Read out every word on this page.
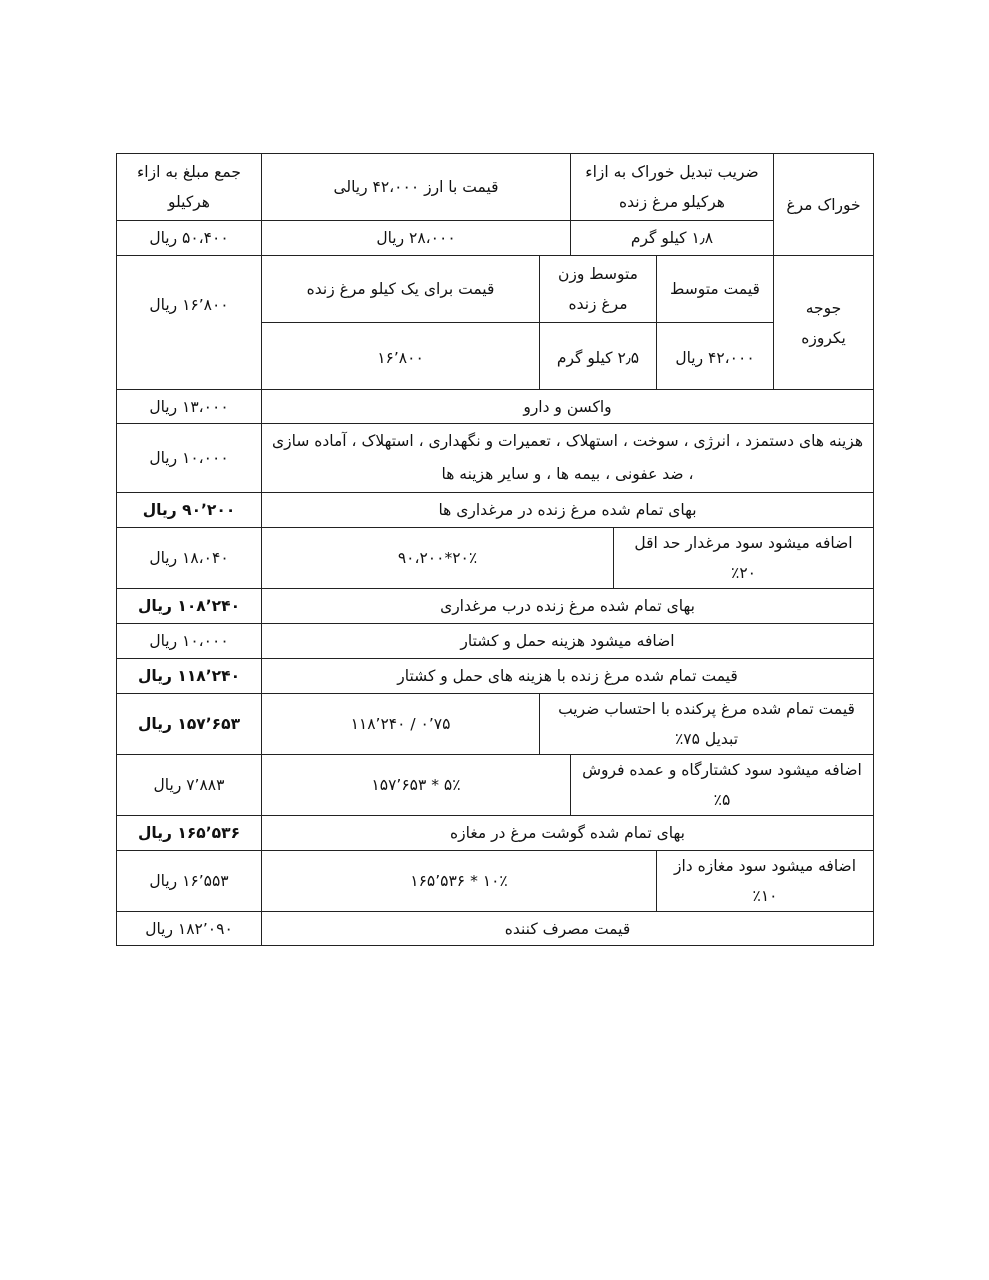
خوراک مرغ	ضریب تبدیل خوراک به ازاء هرکیلو مرغ زنده			قیمت با ارز ۴۲،۰۰۰ ریالی		جمع مبلغ به ازاء هرکیلو
	۱٫۸ کیلو گرم			۲۸،۰۰۰ ریال		۵۰،۴۰۰ ریال
جوجه یکروزه	قیمت متوسط	متوسط وزن مرغ زنده			قیمت برای یک کیلو مرغ زنده	۱۶٬۸۰۰ ریال
	۴۲،۰۰۰ ریال	۲٫۵ کیلو گرم			۱۶٬۸۰۰	
واکسن و دارو						۱۳،۰۰۰ ریال
هزینه های دستمزد ، انرژی ، سوخت ، استهلاک ، تعمیرات و نگهداری ، استهلاک ، آماده سازی ، ضد عفونی ، بیمه ها ، و سایر هزینه ها						۱۰،۰۰۰ ریال
بهای تمام شده مرغ زنده در مرغداری ها						۹۰٬۲۰۰ ریال
اضافه میشود سود مرغدار حد اقل ۲۰٪			۲۰٪*۹۰،۲۰۰			۱۸،۰۴۰ ریال
بهای تمام شده مرغ زنده درب مرغداری						۱۰۸٬۲۴۰ ریال
اضافه میشود هزینه حمل و کشتار						۱۰،۰۰۰ ریال
قیمت تمام شده مرغ زنده با هزینه های حمل و کشتار						۱۱۸٬۲۴۰ ریال
قیمت تمام شده مرغ پرکنده با احتساب ضریب تبدیل ۷۵٪					۰٬۷۵ / ۱۱۸٬۲۴۰	۱۵۷٬۶۵۳ ریال
اضافه میشود سود کشتارگاه و عمده فروش ۵٪				۵٪ * ۱۵۷٬۶۵۳		۷٬۸۸۳ ریال
بهای تمام شده گوشت مرغ در مغازه						۱۶۵٬۵۳۶ ریال
اضافه میشود سود مغازه داز ۱۰٪		۱۰٪ * ۱۶۵٬۵۳۶				۱۶٬۵۵۳ ریال
قیمت مصرف کننده						۱۸۲٬۰۹۰ ریال
